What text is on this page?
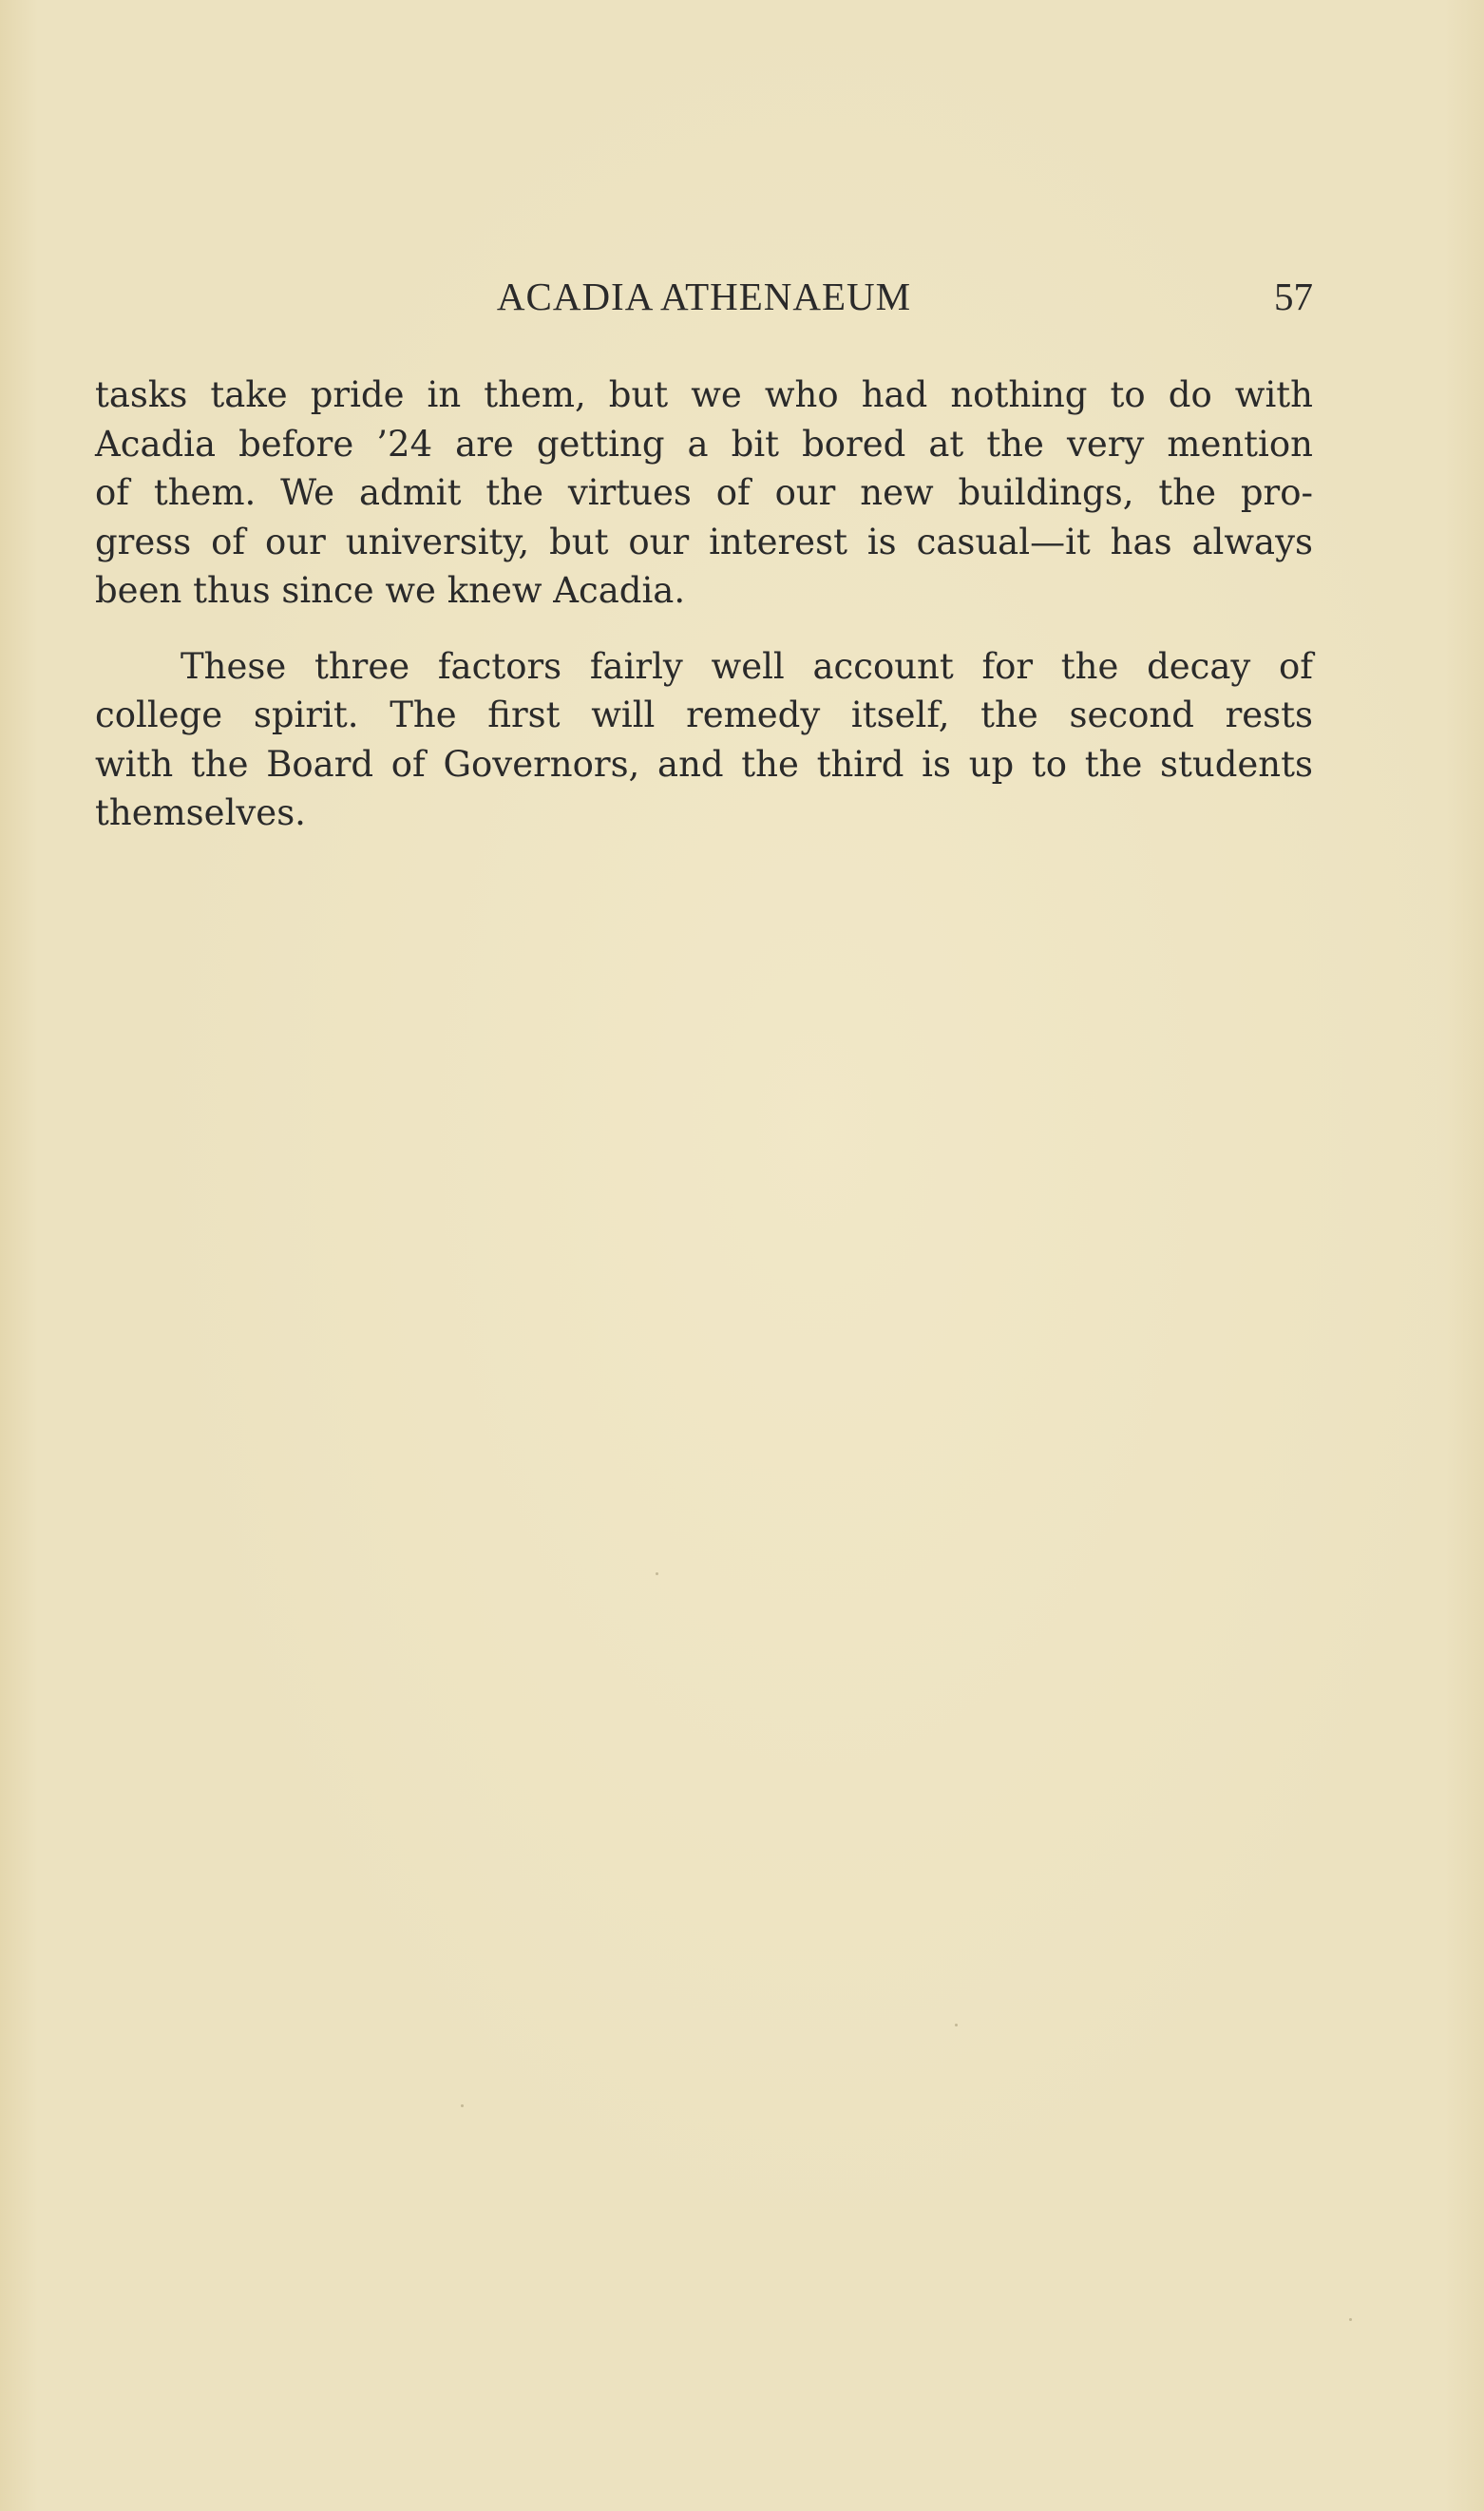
ACADIA ATHENAEUM	57
tasks take pride in them, but we who had nothing to do with
Acadia before ’24 are getting a bit bored at the very mention
of them. We admit the virtues of our new buildings, the pro-
gress of our university, but our interest is casual—it has always
been thus since we knew Acadia.
These three factors fairly well account for the decay of
college spirit. The first will remedy itself, the second rests
with the Board of Governors, and the third is up to the students
themselves.
